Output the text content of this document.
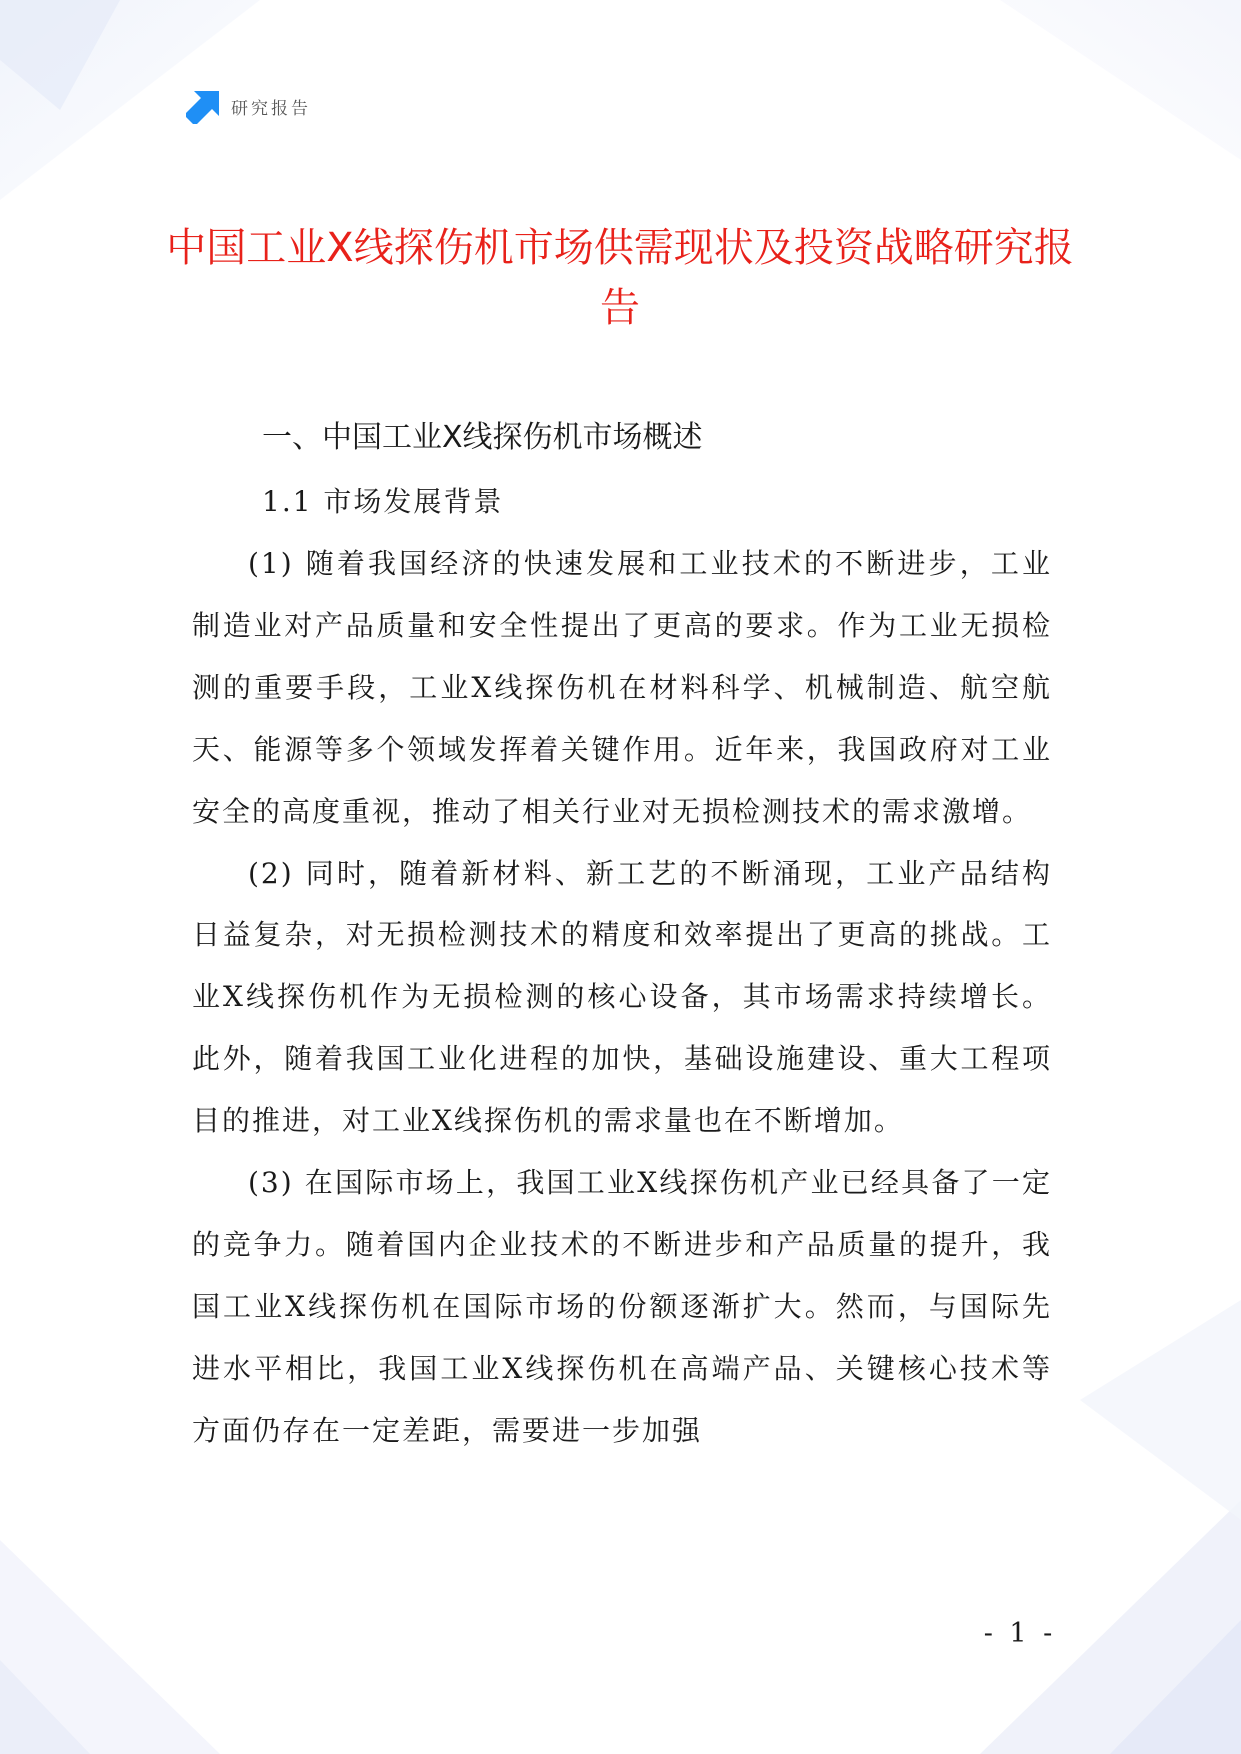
研究报告
中国工业X线探伤机市场供需现状及投资战略研究报告
一、中国工业X线探伤机市场概述
1.1 市场发展背景

(1) 随着我国经济的快速发展和工业技术的不断进步，工业制造业对产品质量和安全性提出了更高的要求。作为工业无损检测的重要手段，工业X线探伤机在材料科学、机械制造、航空航天、能源等多个领域发挥着关键作用。近年来，我国政府对工业安全的高度重视，推动了相关行业对无损检测技术的需求激增。

(2) 同时，随着新材料、新工艺的不断涌现，工业产品结构日益复杂，对无损检测技术的精度和效率提出了更高的挑战。工业X线探伤机作为无损检测的核心设备，其市场需求持续增长。此外，随着我国工业化进程的加快，基础设施建设、重大工程项目的推进，对工业X线探伤机的需求量也在不断增加。

(3) 在国际市场上，我国工业X线探伤机产业已经具备了一定的竞争力。随着国内企业技术的不断进步和产品质量的提升，我国工业X线探伤机在国际市场的份额逐渐扩大。然而，与国际先进水平相比，我国工业X线探伤机在高端产品、关键核心技术等方面仍存在一定差距，需要进一步加强

- 1 -
